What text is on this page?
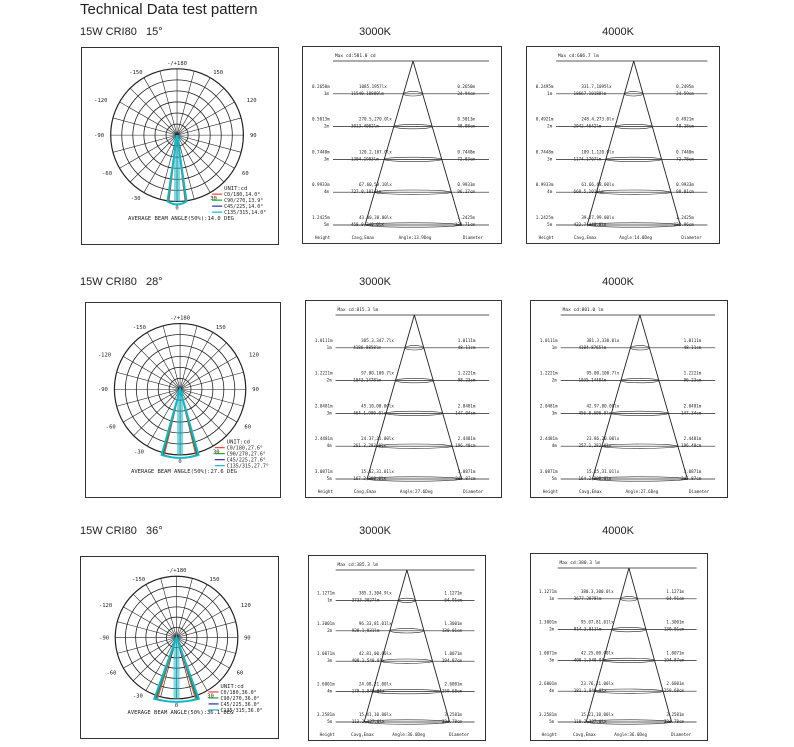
Technical Data test pattern
15W CRI80   15°	3000K	4000K
-/+180
-150	150
-120	120
-90	90
-60	60
-30	30
0
UNIT:cd
C0/180,14.0°
C90/270,13.9°
C45/225,14.0°
C135/315,14.0°
AVERAGE BEAM ANGLE(50%):14.0 DEG
Max cd:581.0 cd
0.2650m
1m
1085.1957lx
11540.18880lm
0.2650m
24.94cm
0.5013m
2m
270.5,270.0lx
3013.4082lm
0.5013m
48.08cm
0.7448m
3m
120.2,107.0lx
1304.1983lm
0.7448m
72.03cm
0.9933m
4m
67.60,58.10lx
727.0,1014lm
0.9933m
96.17cm
1.2425m
5m
43.00,38.00lx
458.0,340.0lx
1.2425m
120.71cm
Height	Cavg,Emax	Angle:13.9Deg	Diameter
Max cd:606.7 lm
0.2495m
1m
331.7,1095lx
10667.10188lm
0.2495m
24.59cm
0.4921m
2m
248.4,273.0lx
2942.4042lm
0.4921m
49.18cm
0.7448m
3m
109.1,120.0lx
1174.1707lm
0.7448m
72.78cm
0.9933m
4m
61.66,68.00lx
660.5,1011lm
0.9933m
98.01cm
1.2425m
5m
39.27,99.00lx
422.7,440.0lx
1.2425m
122.96cm
Height	Cavg,Emax	Angle:14.0Deg	Diameter
15W CRI80   28°	3000K	4000K
-/+180
-150	150
-120	120
-90	90
-60	60
-30	30
0
UNIT:cd
C0/180,27.6°
C90/270,27.6°
C45/225,27.6°
C135/315,27.7°
AVERAGE BEAM ANGLE(50%):27.6 DEG
Max cd:815.3 lm
1.0111m
1m
385.3,347.7lx
4186.8858lm
1.0111m
48.11cm
1.2221m
2m
97.00,100.7lx
1043.1478lm
1.2221m
98.23cm
2.0481m
3m
45.10,00.00lx
464.1,900.0lx
2.0481m
147.04cm
2.4481m
4m
24.37,21.00lx
261.3,283.0lx
2.4481m
196.48cm
3.0871m
5m
15.02,31.01lx
167.2,990.0lx
3.0871m
245.87cm
Height	Cavg,Emax	Angle:27.6Deg	Diameter
Max cd:801.0 lm
1.0111m
1m
381.3,330.0lx
4104.8765lm
1.0111m
48.11cm
1.2221m
2m
95.00,100.7lx
1035.1448lm
1.2221m
96.23cm
2.0481m
3m
42.97,00.00lx
456.0,600.0lx
2.0481m
147.34cm
2.4481m
4m
23.86,20.00lx
257.1,283.0lx
2.4481m
196.48cm
3.0871m
5m
15.25,31.01lx
164.2,890.0lx
3.0871m
245.87cm
Height	Cavg,Emax	Angle:27.6Deg	Diameter
15W CRI80   36°	3000K	4000K
-/+180
-150	150
-120	120
-90	90
-60	60
-30	30
0
UNIT:cd
C0/180,36.0°
C90/270,36.0°
C45/225,36.0°
C135/315,36.0°
AVERAGE BEAM ANGLE(50%):36.1 DEG
Max cd:385.3 lm
1.1271m
1m
385.3,304.9lx
3733.3027lm
1.1271m
64.91cm
1.3001m
2m
96.33,81.01lx
928.1,831lm
1.3001m
130.01cm
1.0071m
3m
42.81,00.00lx
408.1,540.0lx
1.0071m
194.87cm
2.6001m
4m
24.08,21.00lx
179.1,840.0lx
2.6001m
259.68cm
3.2581m
5m
15.41,10.00lx
113.2,127.0lx
3.2581m
324.78cm
Height	Cavg,Emax	Angle:36.0Deg	Diameter
Max cd:380.3 lm
1.1271m
1m
380.3,300.0lx
3677.2878lm
1.1271m
64.91cm
1.3001m
2m
95.07,81.01lx
914.3,811lm
1.3001m
130.01cm
1.0071m
3m
42.25,00.00lx
408.1,540.0lx
1.0071m
194.87cm
2.6001m
4m
23.76,21.00lx
181.1,840.0lx
2.6001m
259.68cm
3.2581m
5m
15.21,10.00lx
110.2,127.0lx
3.2581m
324.78cm
Height	Cavg,Emax	Angle:36.0Deg	Diameter
